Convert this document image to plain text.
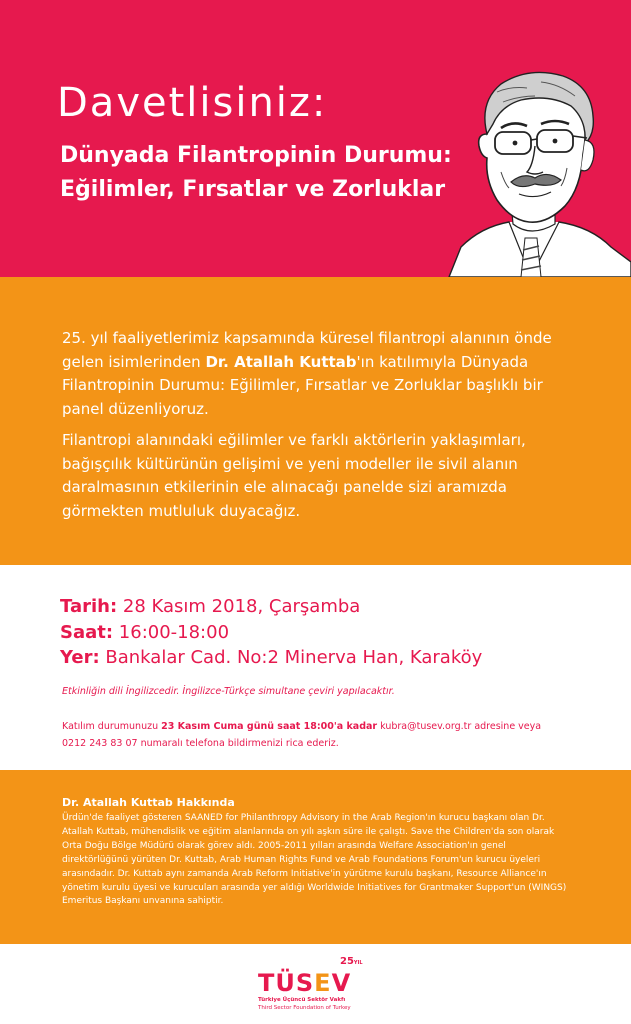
Davetlisiniz:
Dünyada Filantropinin Durumu:
Eğilimler, Fırsatlar ve Zorluklar

25. yıl faaliyetlerimiz kapsamında küresel filantropi alanının önde gelen isimlerinden Dr. Atallah Kuttab'ın katılımıyla Dünyada Filantropinin Durumu: Eğilimler, Fırsatlar ve Zorluklar başlıklı bir panel düzenliyoruz.

Filantropi alanındaki eğilimler ve farklı aktörlerin yaklaşımları, bağışçılık kültürünün gelişimi ve yeni modeller ile sivil alanın daralmasının etkilerinin ele alınacağı panelde sizi aramızda görmekten mutluluk duyacağız.

Tarih: 28 Kasım 2018, Çarşamba

Saat: 16:00-18:00

Yer: Bankalar Cad. No:2 Minerva Han, Karaköy

Etkinliğin dili İngilizcedir. İngilizce-Türkçe simultane çeviri yapılacaktır.

Katılım durumunuzu 23 Kasım Cuma günü saat 18:00'a kadar kubra@tusev.org.tr adresine veya 0212 243 83 07 numaralı telefona bildirmenizi rica ederiz.

Dr. Atallah Kuttab Hakkında

Ürdün'de faaliyet gösteren SAANED for Philanthropy Advisory in the Arab Region'ın kurucu başkanı olan Dr. Atallah Kuttab, mühendislik ve eğitim alanlarında on yılı aşkın süre ile çalıştı. Save the Children'da son olarak Orta Doğu Bölge Müdürü olarak görev aldı. 2005-2011 yılları arasında Welfare Association'ın genel direktörlüğünü yürüten Dr. Kuttab, Arab Human Rights Fund ve Arab Foundations Forum'un kurucu üyeleri arasındadır. Dr. Kuttab aynı zamanda Arab Reform Initiative'in yürütme kurulu başkanı, Resource Alliance'ın yönetim kurulu üyesi ve kurucuları arasında yer aldığı Worldwide Initiatives for Grantmaker Support'un (WINGS) Emeritus Başkanı unvanına sahiptir.

TÜSEV
25YIL
Türkiye Üçüncü Sektör Vakfı
Third Sector Foundation of Turkey
